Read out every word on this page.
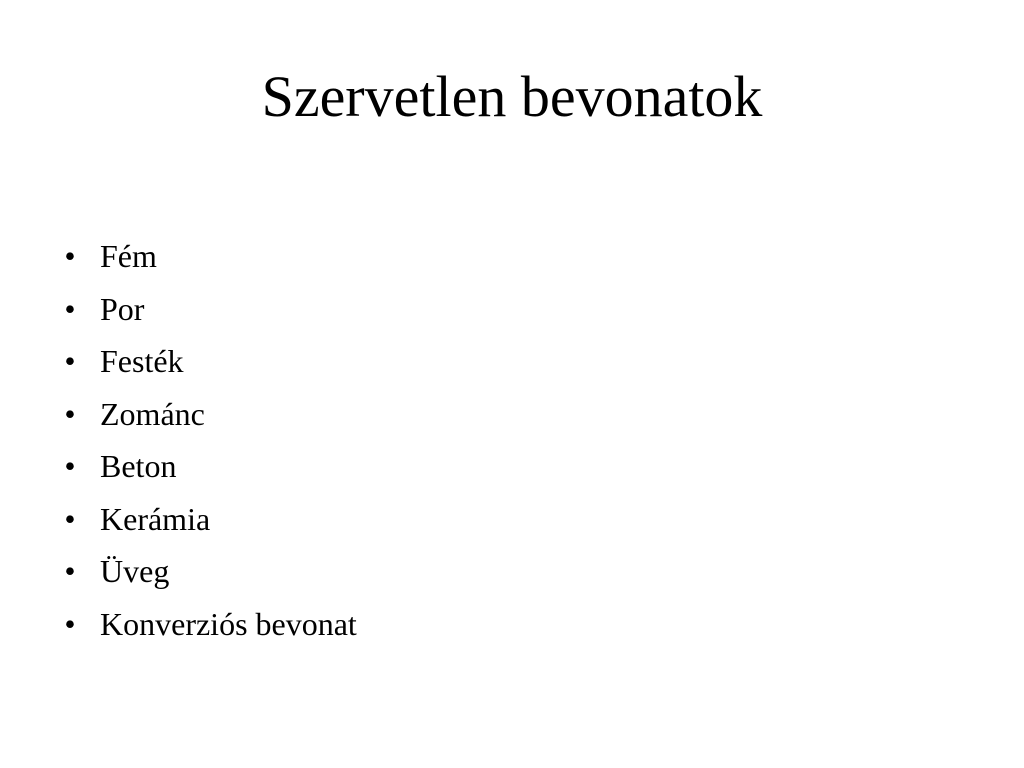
Szervetlen bevonatok
• Fém
• Por
• Festék
• Zománc
• Beton
• Kerámia
• Üveg
• Konverziós bevonat
